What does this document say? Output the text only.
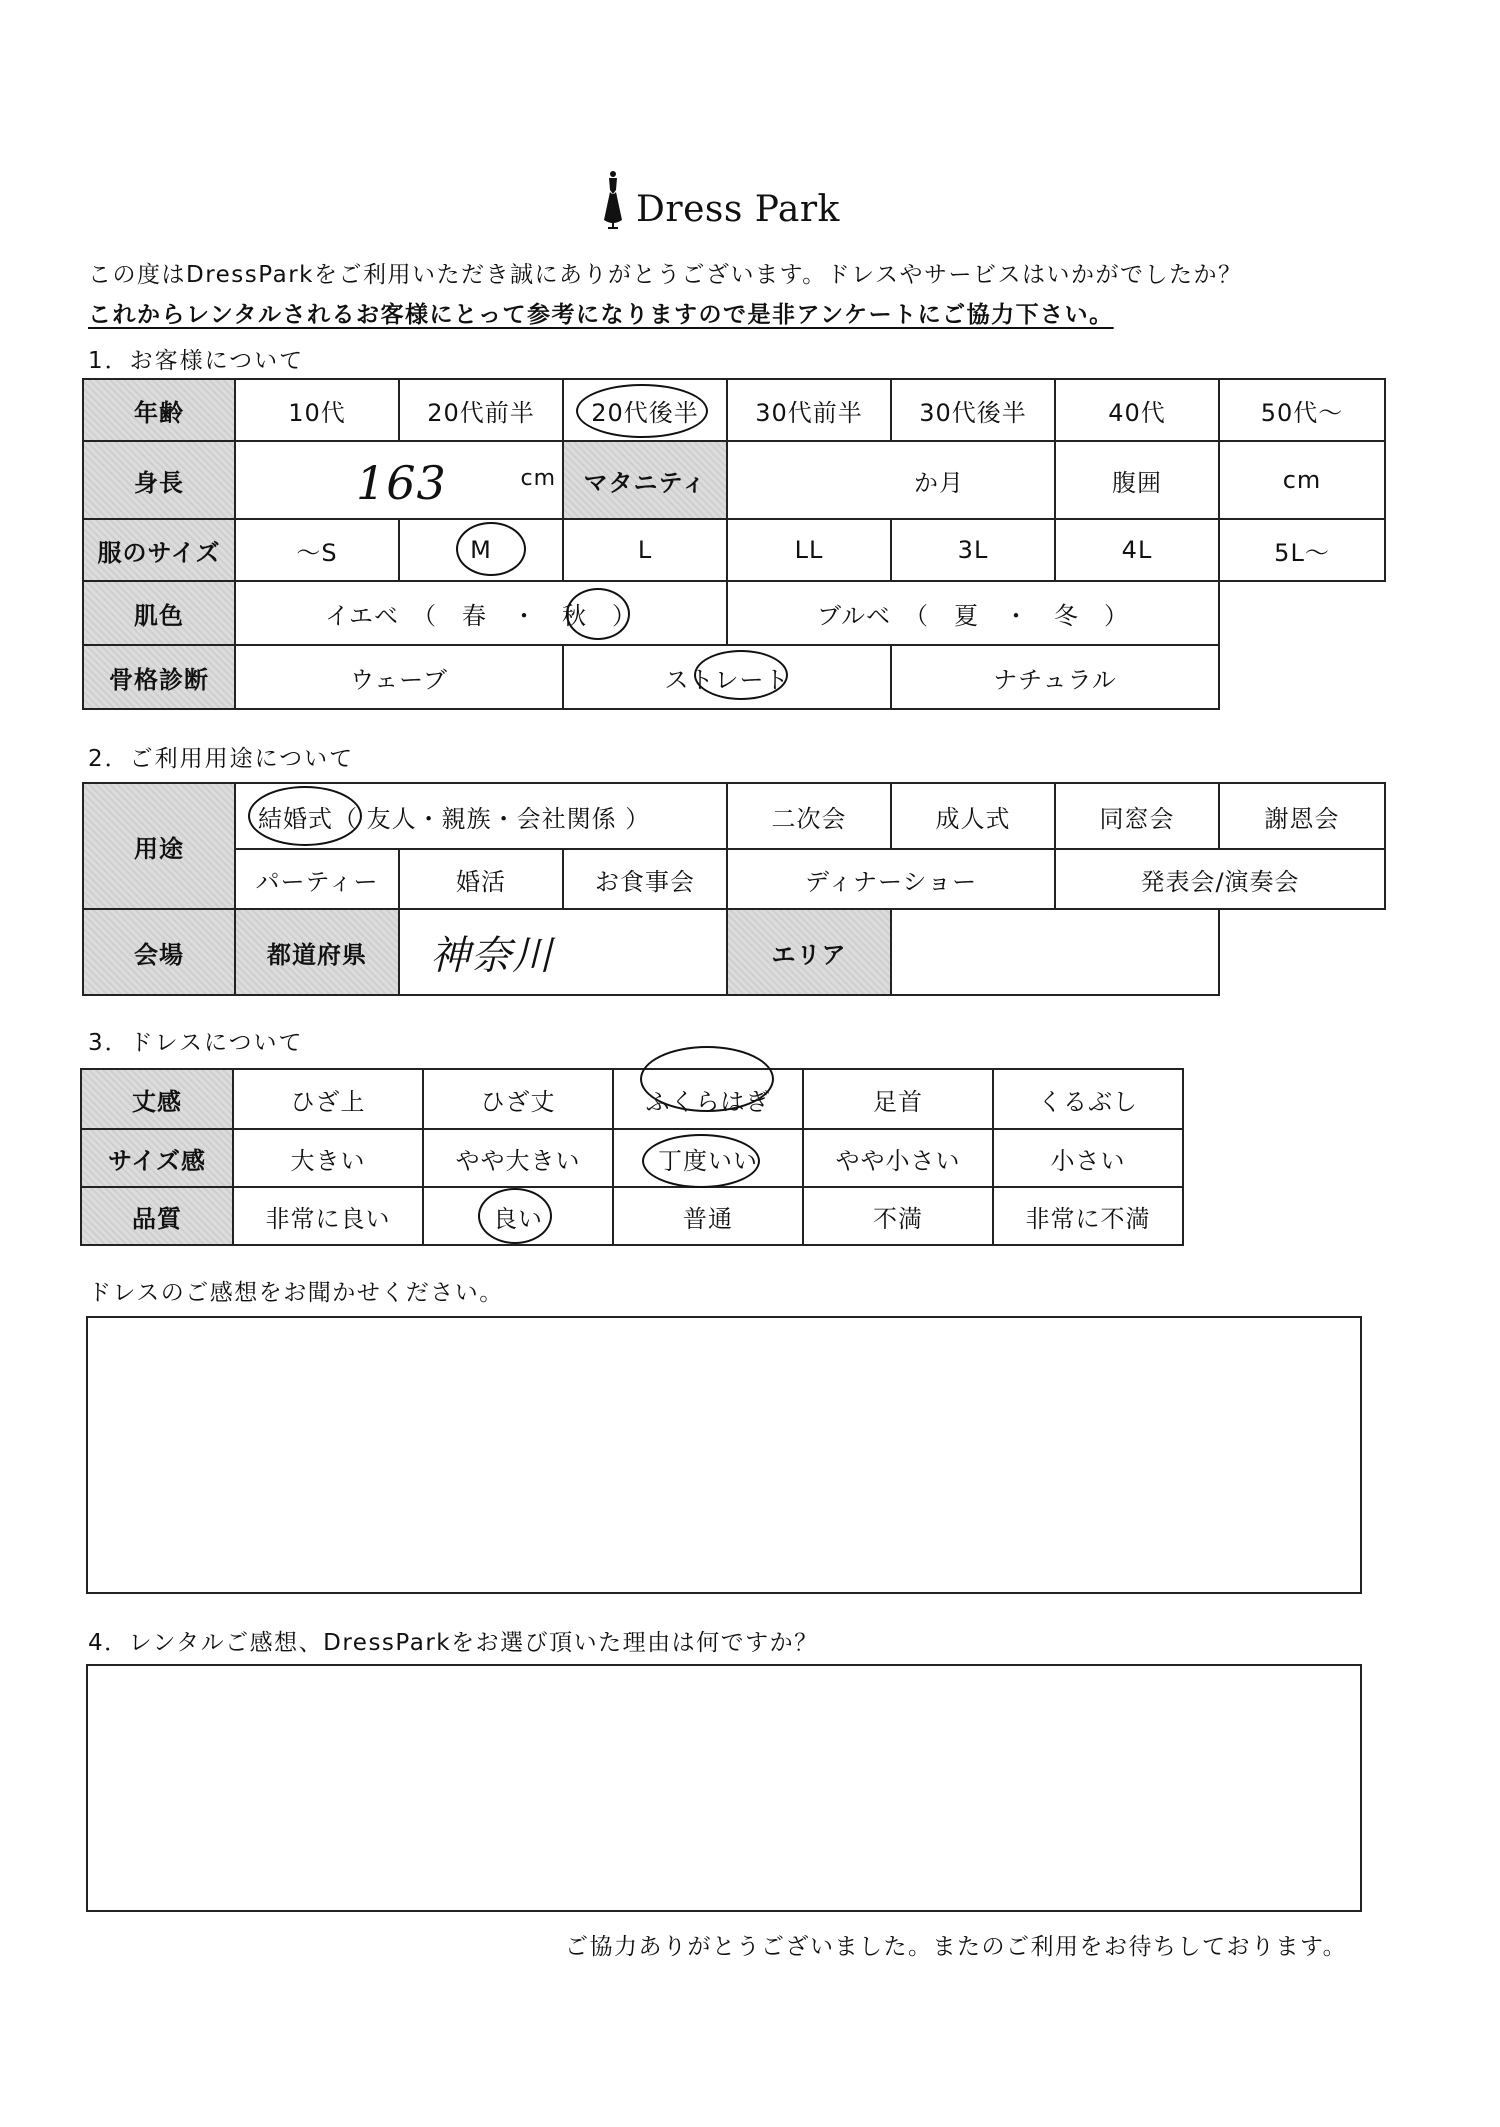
Dress Park
この度はDressParkをご利用いただき誠にありがとうございます。ドレスやサービスはいかがでしたか？
これからレンタルされるお客様にとって参考になりますので是非アンケートにご協力下さい。
1．お客様について
年齢	10代	20代前半	20代後半	30代前半	30代後半	40代	50代〜
身長	163 cm		マタニティ	か月		腹囲	cm
服のサイズ	〜S	M	L	LL	3L	4L	5L〜
肌色	イエベ　（　春　・　秋　）			ブルベ　（　夏　・　冬　）			
骨格診断	ウェーブ		ストレート		ナチュラル		
2．ご利用用途について
用途	結婚式（ 友人・親族・会社関係 ）			二次会	成人式	同窓会	謝恩会
	パーティー	婚活	お食事会	ディナーショー		発表会/演奏会	
会場	都道府県	神奈川		エリア			
3．ドレスについて
丈感	ひざ上	ひざ丈	ふくらはぎ	足首	くるぶし
サイズ感	大きい	やや大きい	丁度いい	やや小さい	小さい
品質	非常に良い	良い	普通	不満	非常に不満
ドレスのご感想をお聞かせください。
4．レンタルご感想、DressParkをお選び頂いた理由は何ですか？
ご協力ありがとうございました。またのご利用をお待ちしております。
